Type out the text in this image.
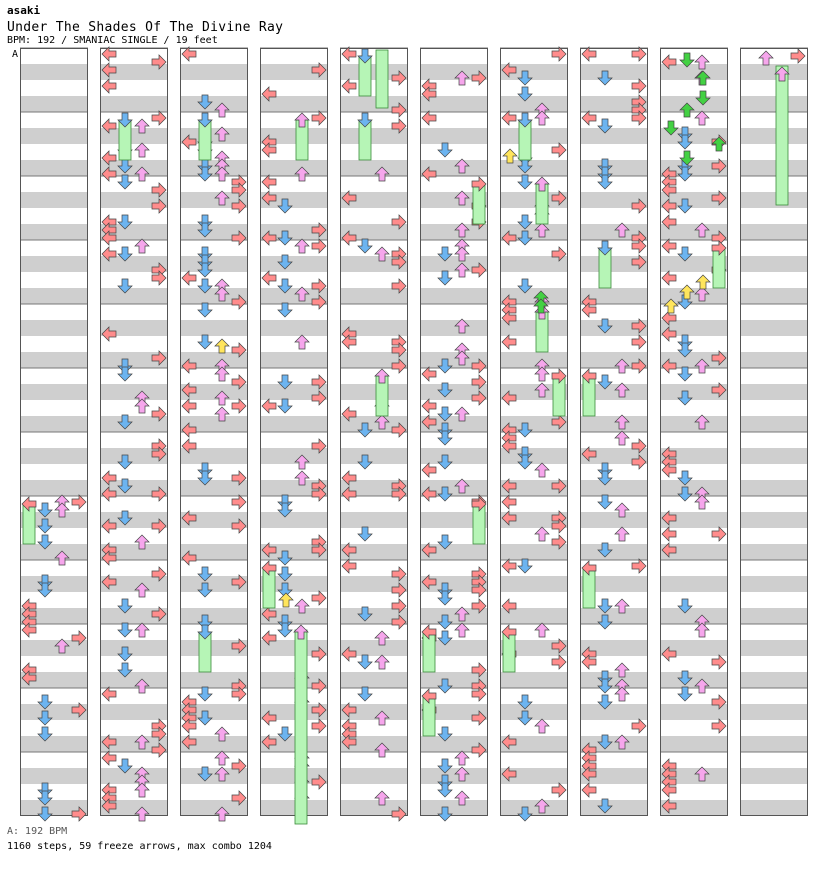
asaki
Under The Shades Of The Divine Ray
BPM: 192 / SMANIAC SINGLE / 19 feet
A
A: 192 BPM
1160 steps, 59 freeze arrows, max combo 1204
